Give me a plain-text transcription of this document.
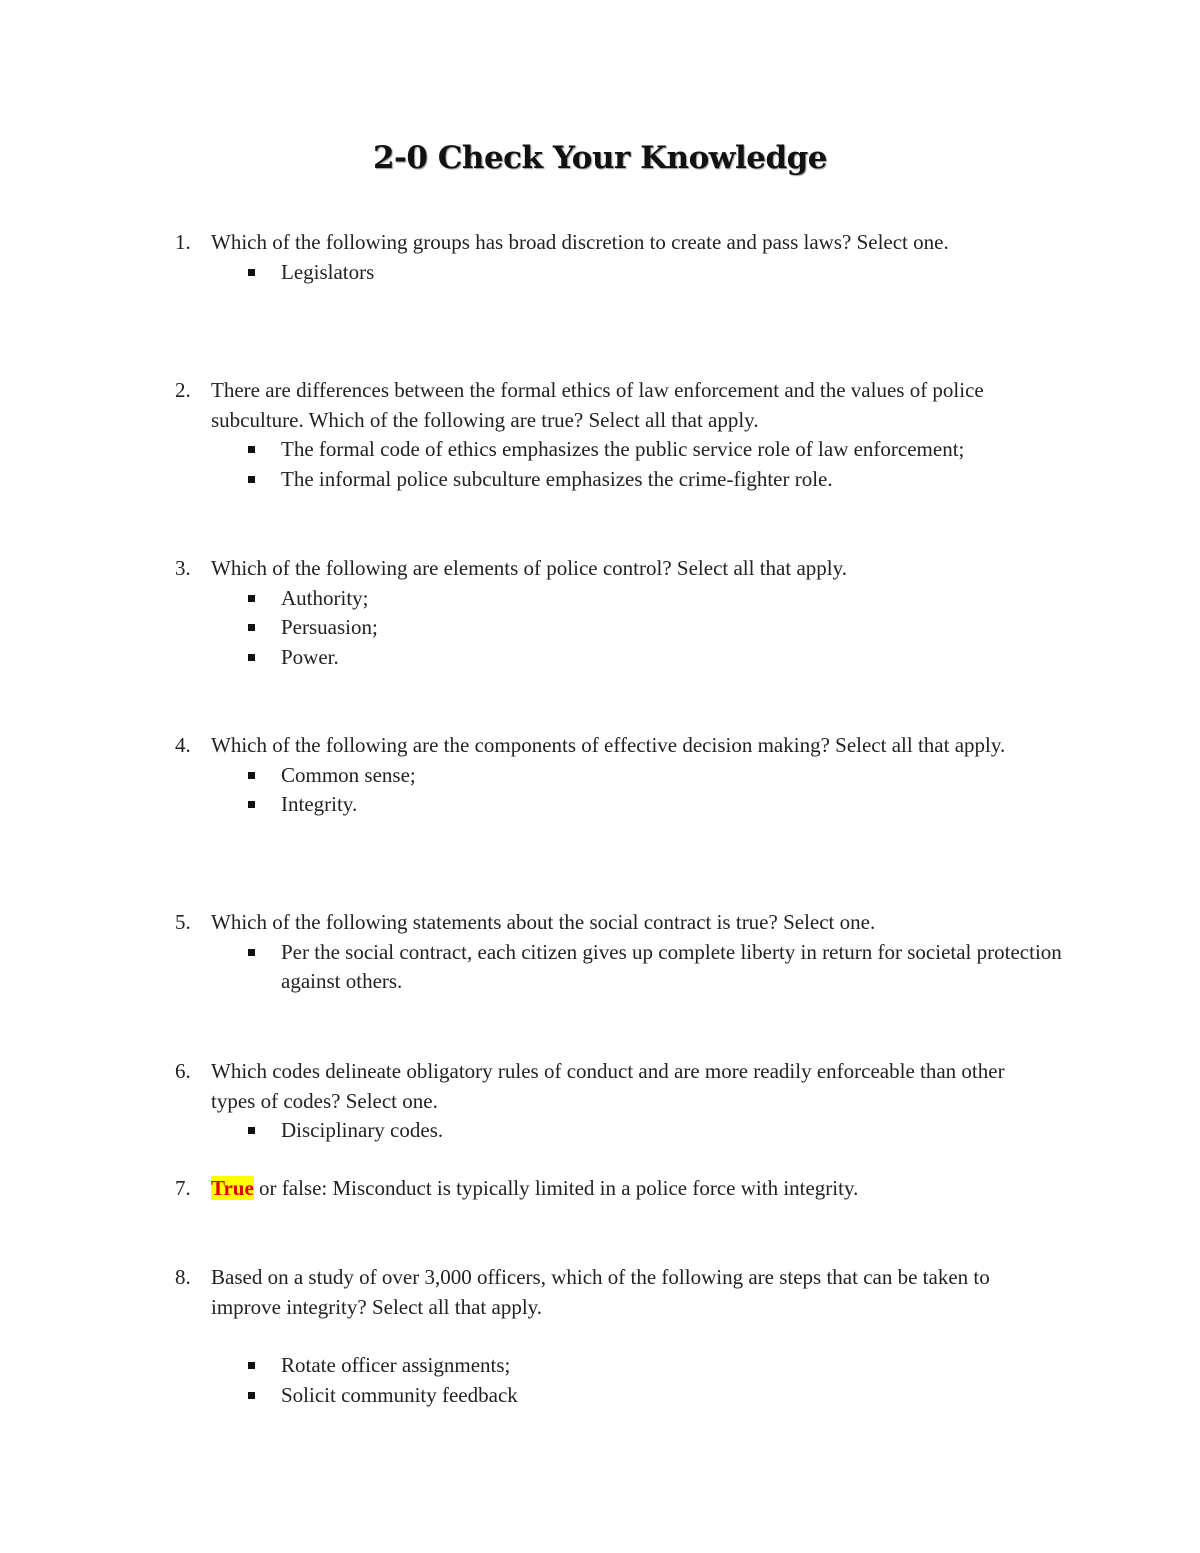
2-0 Check Your Knowledge
1. Which of the following groups has broad discretion to create and pass laws? Select one.
Legislators
2. There are differences between the formal ethics of law enforcement and the values of police subculture. Which of the following are true? Select all that apply.
The formal code of ethics emphasizes the public service role of law enforcement;
The informal police subculture emphasizes the crime-fighter role.
3. Which of the following are elements of police control? Select all that apply.
Authority;
Persuasion;
Power.
4. Which of the following are the components of effective decision making? Select all that apply.
Common sense;
Integrity.
5. Which of the following statements about the social contract is true? Select one.
Per the social contract, each citizen gives up complete liberty in return for societal protection against others.
6. Which codes delineate obligatory rules of conduct and are more readily enforceable than other types of codes? Select one.
Disciplinary codes.
7. True or false: Misconduct is typically limited in a police force with integrity.
8. Based on a study of over 3,000 officers, which of the following are steps that can be taken to improve integrity? Select all that apply.
Rotate officer assignments;
Solicit community feedback
